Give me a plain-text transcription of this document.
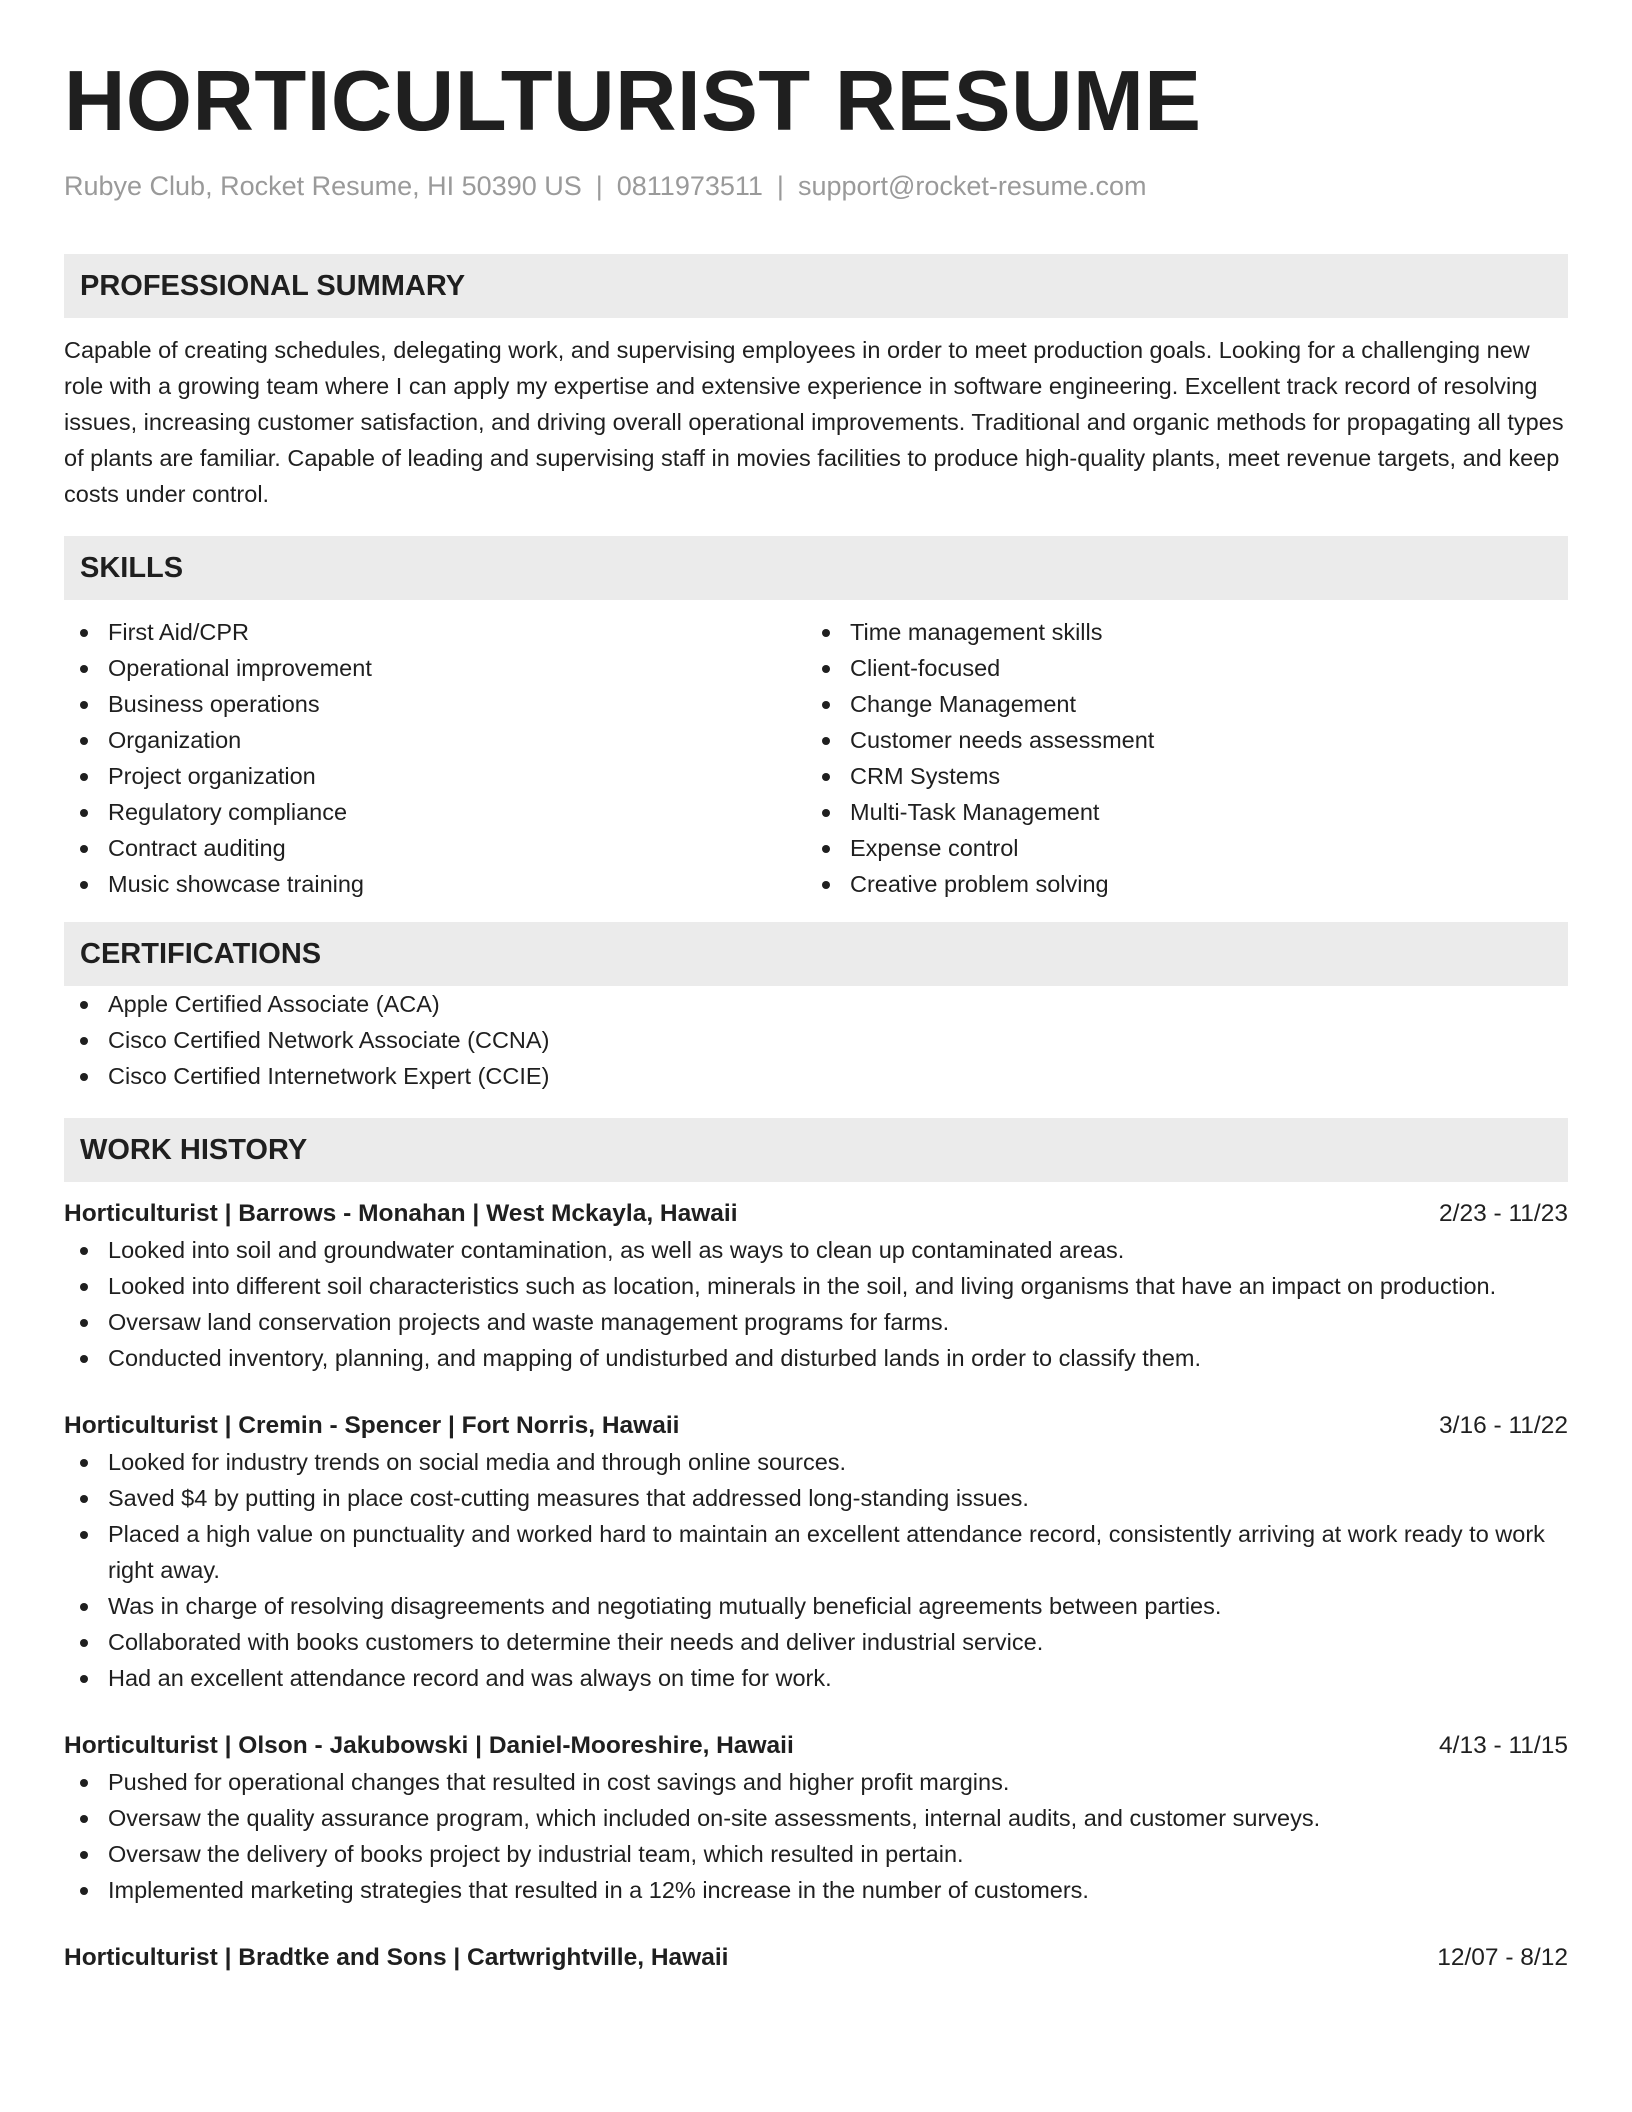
HORTICULTURIST RESUME
Rubye Club, Rocket Resume, HI 50390 US | 0811973511 | support@rocket-resume.com
PROFESSIONAL SUMMARY

Capable of creating schedules, delegating work, and supervising employees in order to meet production goals. Looking for a challenging new role with a growing team where I can apply my expertise and extensive experience in software engineering. Excellent track record of resolving issues, increasing customer satisfaction, and driving overall operational improvements. Traditional and organic methods for propagating all types of plants are familiar. Capable of leading and supervising staff in movies facilities to produce high-quality plants, meet revenue targets, and keep costs under control.

SKILLS
First Aid/CPR
Operational improvement
Business operations
Organization
Project organization
Regulatory compliance
Contract auditing
Music showcase training
Time management skills
Client-focused
Change Management
Customer needs assessment
CRM Systems
Multi-Task Management
Expense control
Creative problem solving
CERTIFICATIONS
Apple Certified Associate (ACA)
Cisco Certified Network Associate (CCNA)
Cisco Certified Internetwork Expert (CCIE)
WORK HISTORY
Horticulturist | Barrows - Monahan | West Mckayla, Hawaii	2/23 - 11/23
Looked into soil and groundwater contamination, as well as ways to clean up contaminated areas.
Looked into different soil characteristics such as location, minerals in the soil, and living organisms that have an impact on production.
Oversaw land conservation projects and waste management programs for farms.
Conducted inventory, planning, and mapping of undisturbed and disturbed lands in order to classify them.
Horticulturist | Cremin - Spencer | Fort Norris, Hawaii	3/16 - 11/22
Looked for industry trends on social media and through online sources.
Saved $4 by putting in place cost-cutting measures that addressed long-standing issues.
Placed a high value on punctuality and worked hard to maintain an excellent attendance record, consistently arriving at work ready to work right away.
Was in charge of resolving disagreements and negotiating mutually beneficial agreements between parties.
Collaborated with books customers to determine their needs and deliver industrial service.
Had an excellent attendance record and was always on time for work.
Horticulturist | Olson - Jakubowski | Daniel-Mooreshire, Hawaii	4/13 - 11/15
Pushed for operational changes that resulted in cost savings and higher profit margins.
Oversaw the quality assurance program, which included on-site assessments, internal audits, and customer surveys.
Oversaw the delivery of books project by industrial team, which resulted in pertain.
Implemented marketing strategies that resulted in a 12% increase in the number of customers.
Horticulturist | Bradtke and Sons | Cartwrightville, Hawaii	12/07 - 8/12
